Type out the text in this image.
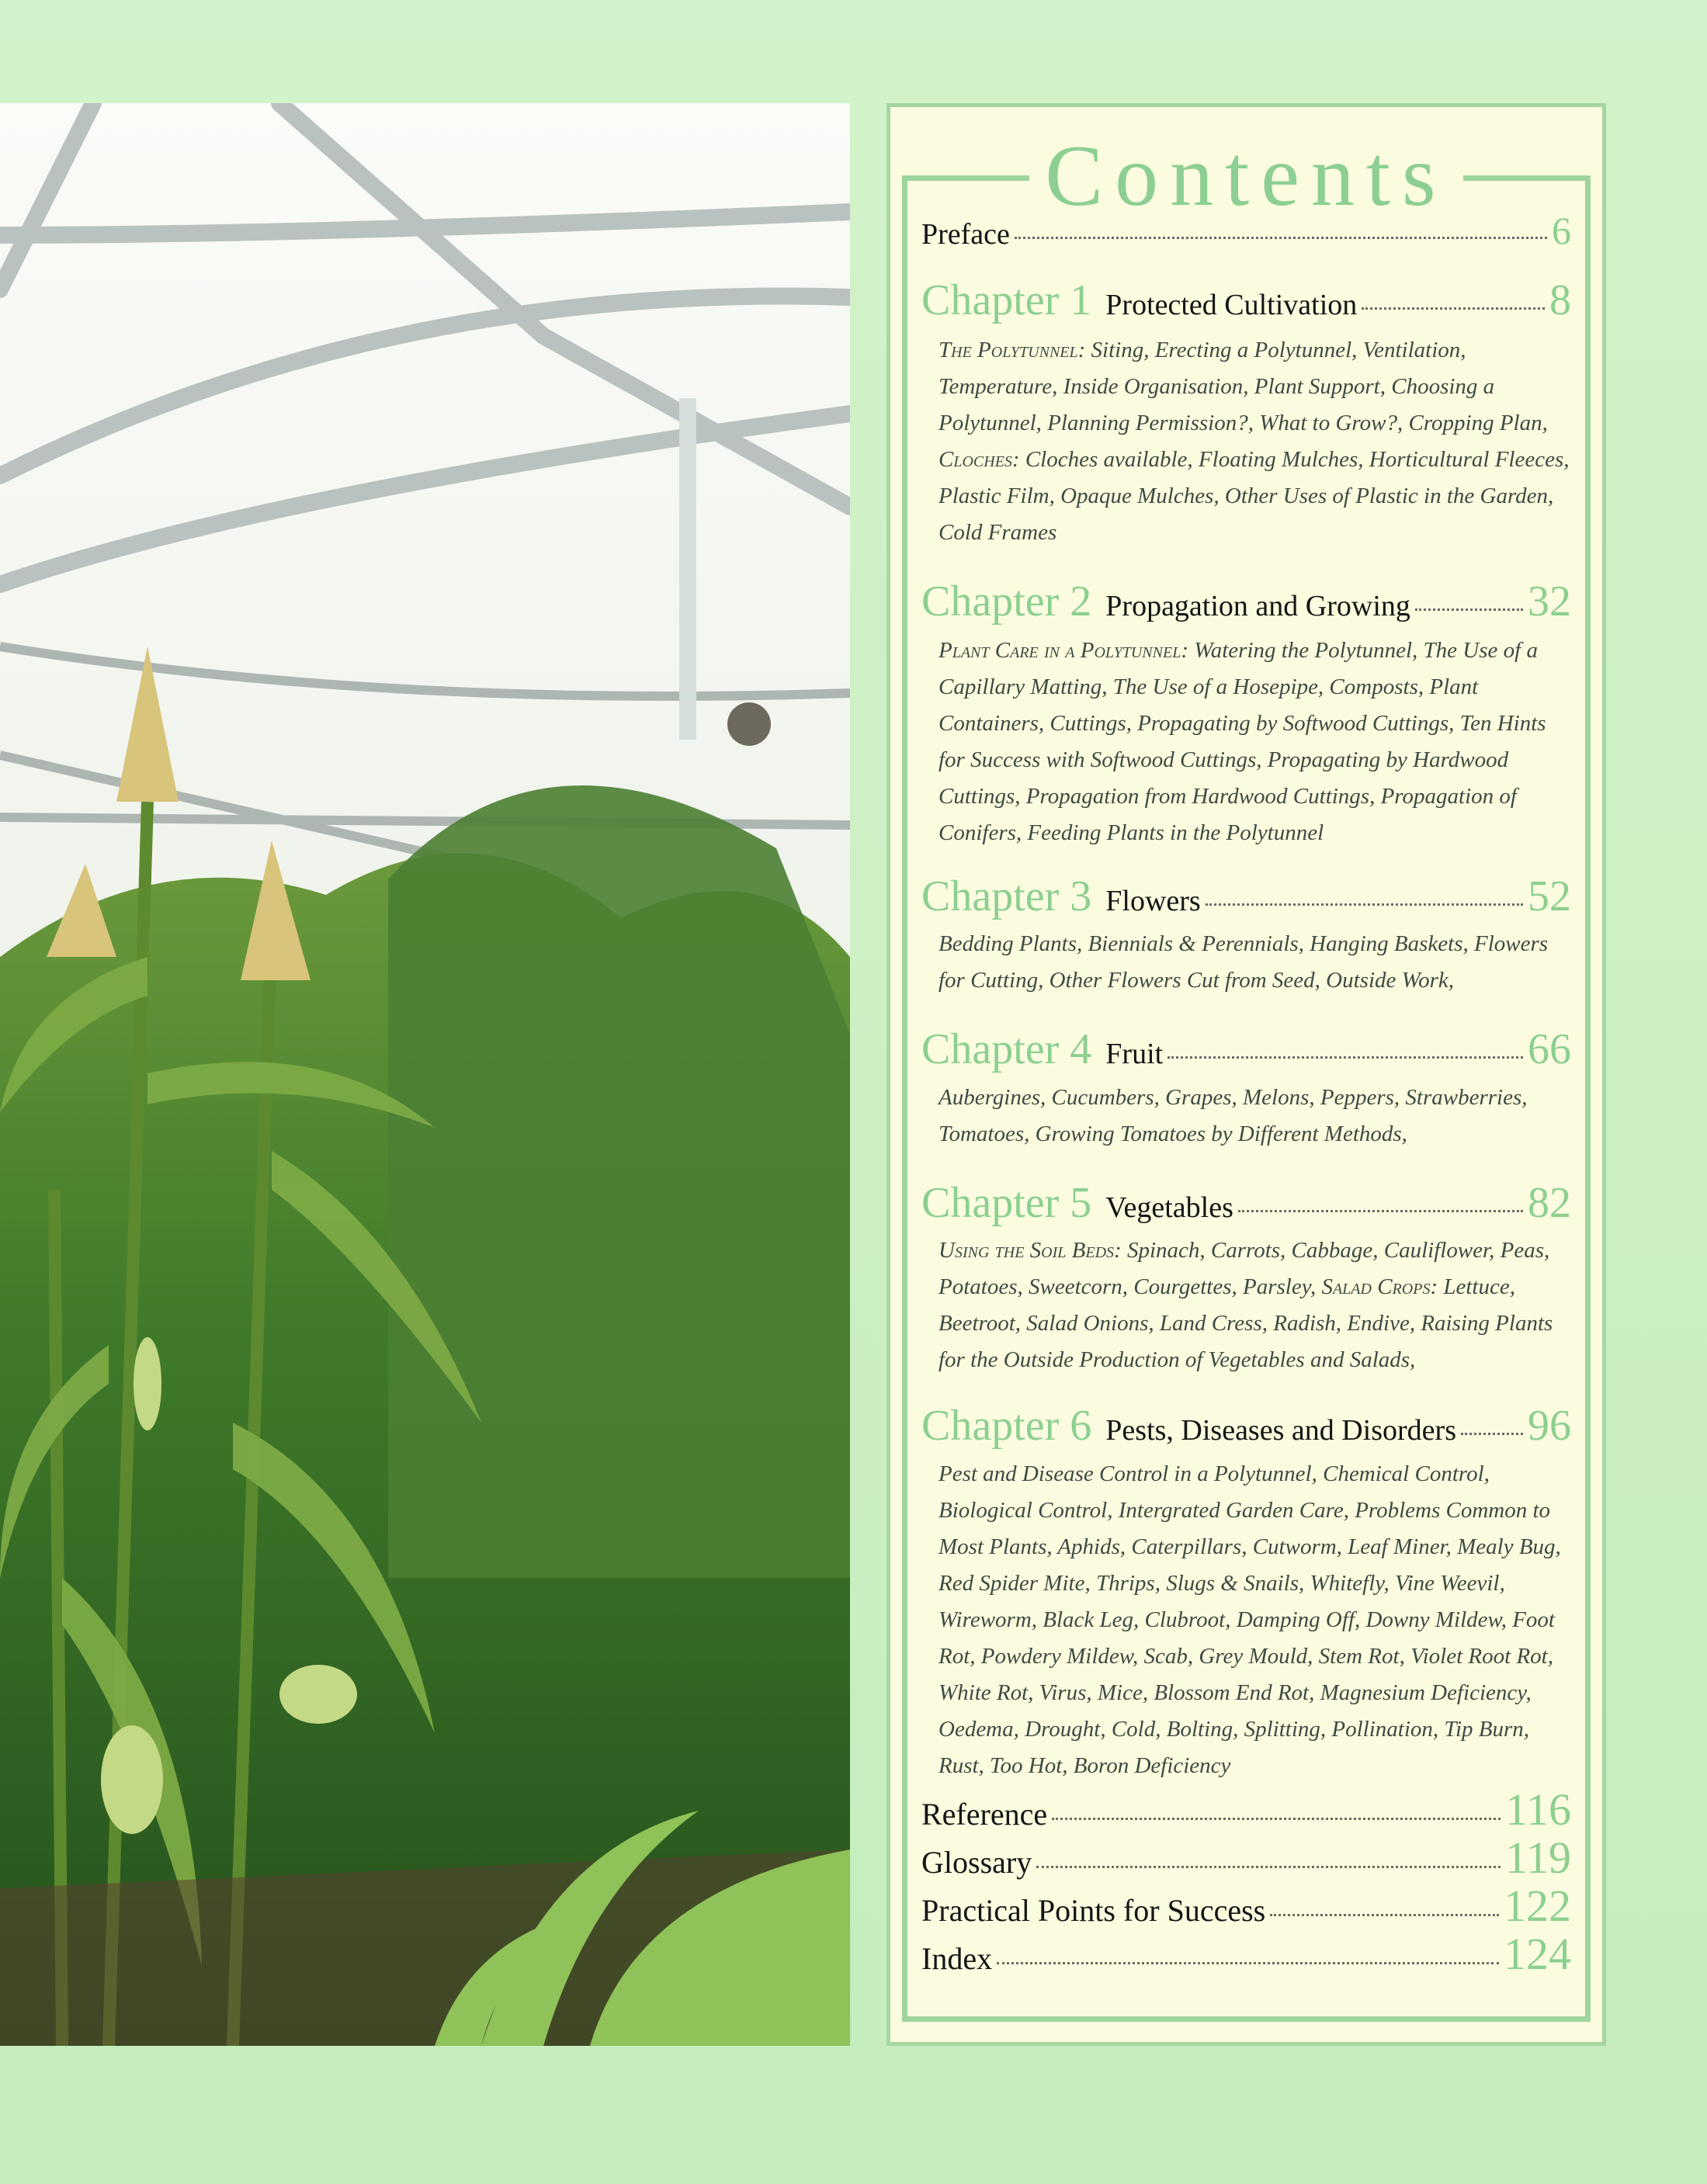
Contents
Preface	6
Chapter 1 Protected Cultivation	8
The Polytunnel: Siting, Erecting a Polytunnel, Ventilation, Temperature, Inside Organisation, Plant Support, Choosing a Polytunnel, Planning Permission?, What to Grow?, Cropping Plan, Cloches: Cloches available, Floating Mulches, Horticultural Fleeces, Plastic Film, Opaque Mulches, Other Uses of Plastic in the Garden, Cold Frames
Chapter 2 Propagation and Growing	32
Plant Care in a Polytunnel: Watering the Polytunnel, The Use of a Capillary Matting, The Use of a Hosepipe, Composts, Plant Containers, Cuttings, Propagating by Softwood Cuttings, Ten Hints for Success with Softwood Cuttings, Propagating by Hardwood Cuttings, Propagation from Hardwood Cuttings, Propagation of Conifers, Feeding Plants in the Polytunnel
Chapter 3 Flowers	52
Bedding Plants, Biennials & Perennials, Hanging Baskets, Flowers for Cutting, Other Flowers Cut from Seed, Outside Work,
Chapter 4 Fruit	66
Aubergines, Cucumbers, Grapes, Melons, Peppers, Strawberries, Tomatoes, Growing Tomatoes by Different Methods,
Chapter 5 Vegetables	82
Using the Soil Beds: Spinach, Carrots, Cabbage, Cauliflower, Peas, Potatoes, Sweetcorn, Courgettes, Parsley, Salad Crops: Lettuce, Beetroot, Salad Onions, Land Cress, Radish, Endive, Raising Plants for the Outside Production of Vegetables and Salads,
Chapter 6 Pests, Diseases and Disorders 96
Pest and Disease Control in a Polytunnel, Chemical Control, Biological Control, Intergrated Garden Care, Problems Common to Most Plants, Aphids, Caterpillars, Cutworm, Leaf Miner, Mealy Bug, Red Spider Mite, Thrips, Slugs & Snails, Whitefly, Vine Weevil, Wireworm, Black Leg, Clubroot, Damping Off, Downy Mildew, Foot Rot, Powdery Mildew, Scab, Grey Mould, Stem Rot, Violet Root Rot, White Rot, Virus, Mice, Blossom End Rot, Magnesium Deficiency, Oedema, Drought, Cold, Bolting, Splitting, Pollination, Tip Burn, Rust, Too Hot, Boron Deficiency
Reference	116
Glossary	119
Practical Points for Success	122
Index	124
